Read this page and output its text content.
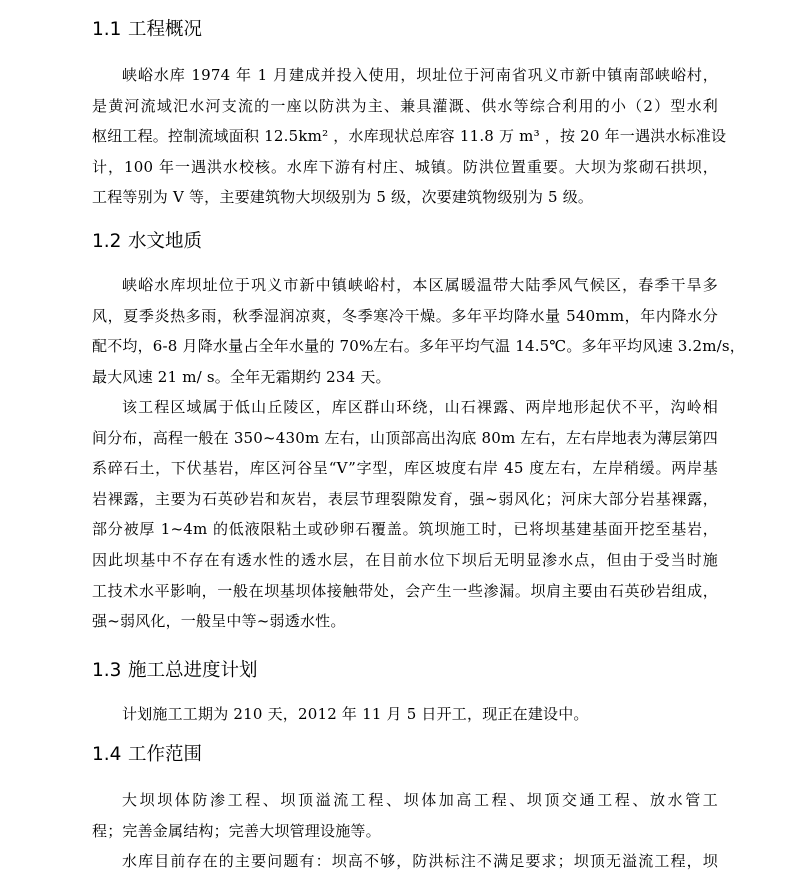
1.1 工程概况
峡峪水库 1974 年 1 月建成并投入使用，坝址位于河南省巩义市新中镇南部峡峪村，
是黄河流域汜水河支流的一座以防洪为主、兼具灌溉、供水等综合利用的小（2）型水利
枢纽工程。控制流域面积 12.5km² ，水库现状总库容 11.8 万 m³ ，按 20 年一遇洪水标准设
计，100 年一遇洪水校核。水库下游有村庄、城镇。防洪位置重要。大坝为浆砌石拱坝，
工程等别为 V 等，主要建筑物大坝级别为 5 级，次要建筑物级别为 5 级。
1.2 水文地质
峡峪水库坝址位于巩义市新中镇峡峪村，本区属暖温带大陆季风气候区，春季干旱多
风，夏季炎热多雨，秋季湿润凉爽，冬季寒冷干燥。多年平均降水量 540mm，年内降水分
配不均，6-8 月降水量占全年水量的 70%左右。多年平均气温 14.5℃。多年平均风速 3.2m/s，
最大风速 21 m/ s。全年无霜期约 234 天。
该工程区域属于低山丘陵区，库区群山环绕，山石裸露、两岸地形起伏不平，沟岭相
间分布，高程一般在 350~430m 左右，山顶部高出沟底 80m 左右，左右岸地表为薄层第四
系碎石土，下伏基岩，库区河谷呈“V”字型，库区坡度右岸 45 度左右，左岸稍缓。两岸基
岩裸露，主要为石英砂岩和灰岩，表层节理裂隙发育，强~弱风化；河床大部分岩基裸露，
部分被厚 1~4m 的低液限粘土或砂卵石覆盖。筑坝施工时，已将坝基建基面开挖至基岩，
因此坝基中不存在有透水性的透水层，在目前水位下坝后无明显渗水点，但由于受当时施
工技术水平影响，一般在坝基坝体接触带处，会产生一些渗漏。坝肩主要由石英砂岩组成，
强~弱风化，一般呈中等~弱透水性。
1.3 施工总进度计划
计划施工工期为 210 天，2012 年 11 月 5 日开工，现正在建设中。
1.4 工作范围
大坝坝体防渗工程、坝顶溢流工程、坝体加高工程、坝顶交通工程、放水管工
程；完善金属结构；完善大坝管理设施等。
水库目前存在的主要问题有：坝高不够，防洪标注不满足要求；坝顶无溢流工程，坝
